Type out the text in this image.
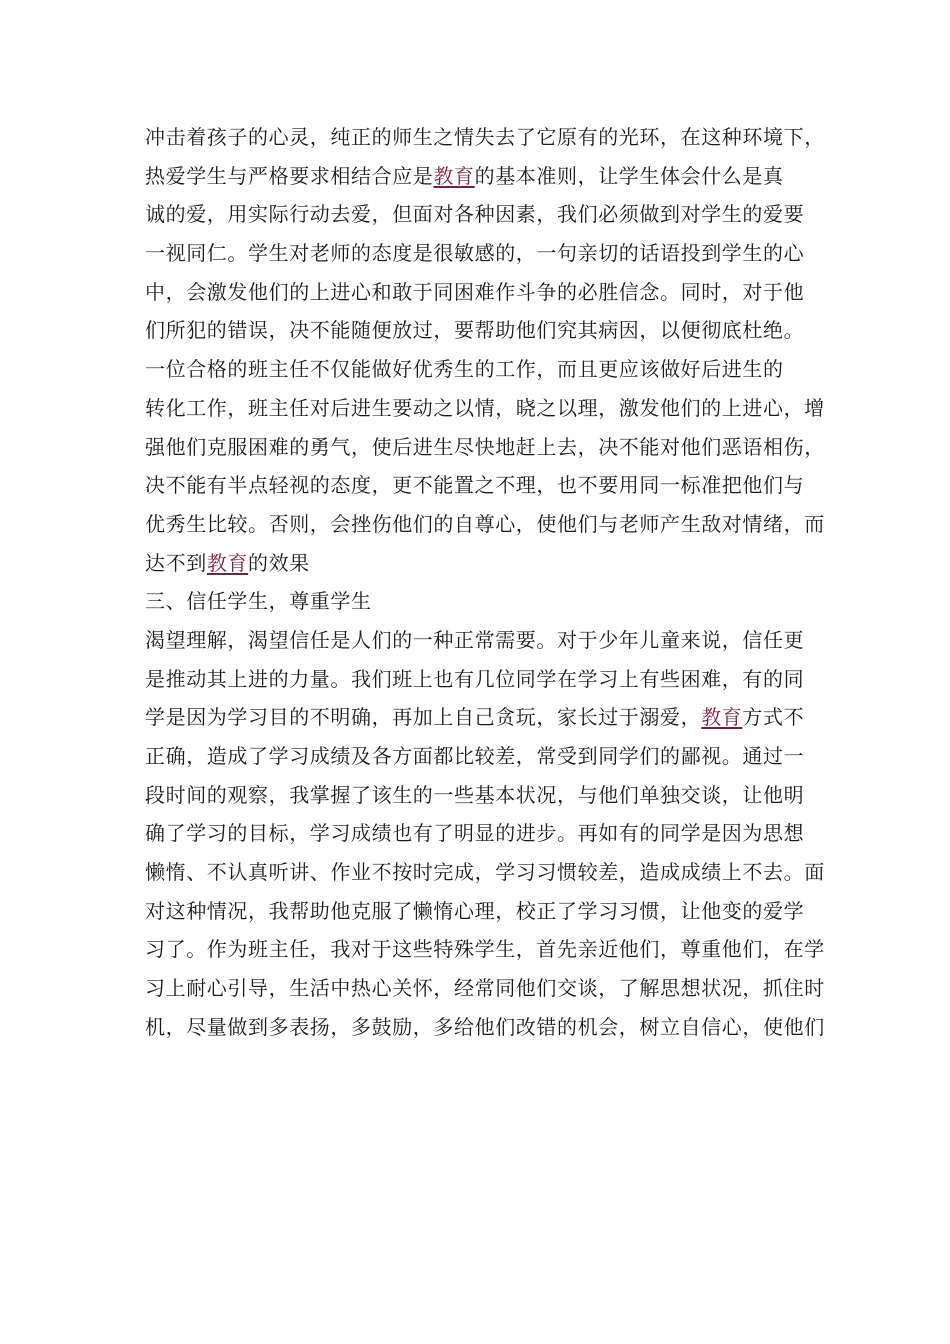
冲击着孩子的心灵，纯正的师生之情失去了它原有的光环，在这种环境下，
热爱学生与严格要求相结合应是教育的基本准则，让学生体会什么是真
诚的爱，用实际行动去爱，但面对各种因素，我们必须做到对学生的爱要
一视同仁。学生对老师的态度是很敏感的，一句亲切的话语投到学生的心
中，会激发他们的上进心和敢于同困难作斗争的必胜信念。同时，对于他
们所犯的错误，决不能随便放过，要帮助他们究其病因，以便彻底杜绝。
一位合格的班主任不仅能做好优秀生的工作，而且更应该做好后进生的
转化工作，班主任对后进生要动之以情，晓之以理，激发他们的上进心，增
强他们克服困难的勇气，使后进生尽快地赶上去，决不能对他们恶语相伤，
决不能有半点轻视的态度，更不能置之不理，也不要用同一标准把他们与
优秀生比较。否则，会挫伤他们的自尊心，使他们与老师产生敌对情绪，而
达不到教育的效果
三、信任学生，尊重学生
渴望理解，渴望信任是人们的一种正常需要。对于少年儿童来说，信任更
是推动其上进的力量。我们班上也有几位同学在学习上有些困难，有的同
学是因为学习目的不明确，再加上自己贪玩，家长过于溺爱，教育方式不
正确，造成了学习成绩及各方面都比较差，常受到同学们的鄙视。通过一
段时间的观察，我掌握了该生的一些基本状况，与他们单独交谈，让他明
确了学习的目标，学习成绩也有了明显的进步。再如有的同学是因为思想
懒惰、不认真听讲、作业不按时完成，学习习惯较差，造成成绩上不去。面
对这种情况，我帮助他克服了懒惰心理，校正了学习习惯，让他变的爱学
习了。作为班主任，我对于这些特殊学生，首先亲近他们，尊重他们，在学
习上耐心引导，生活中热心关怀，经常同他们交谈，了解思想状况，抓住时
机，尽量做到多表扬，多鼓励，多给他们改错的机会，树立自信心，使他们
